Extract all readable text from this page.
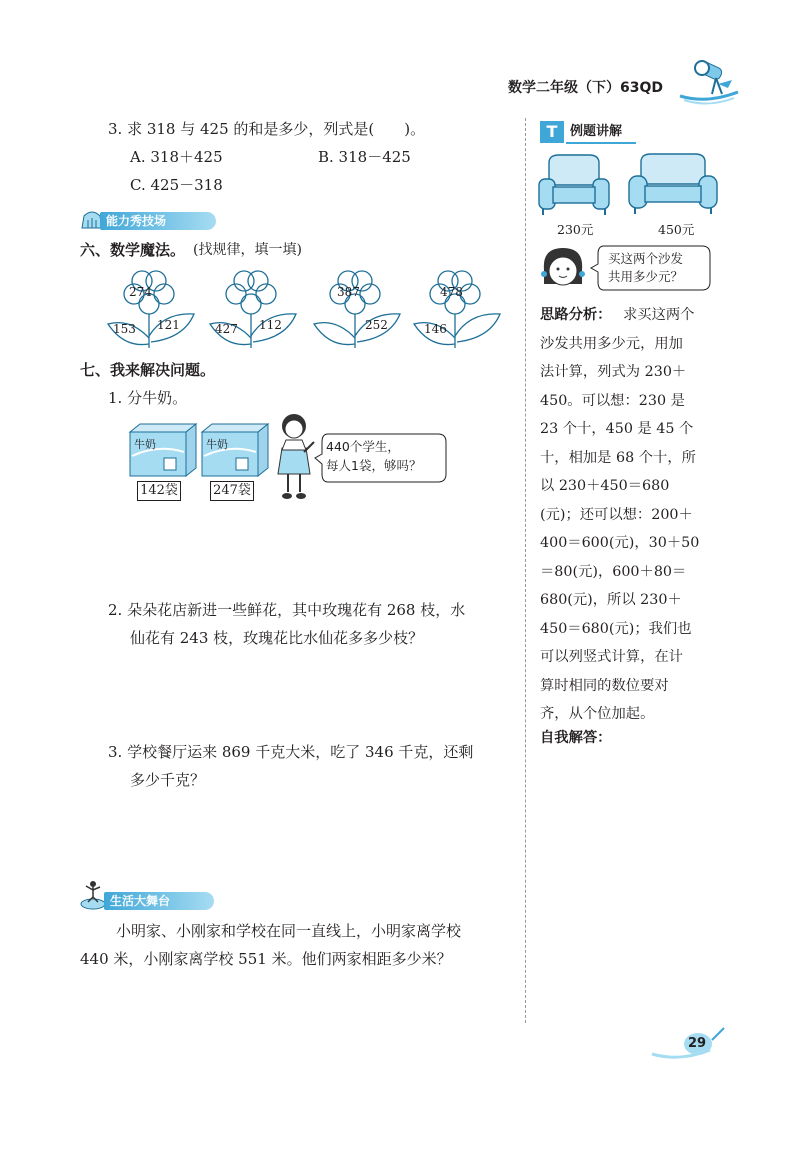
数学二年级（下）63QD
3. 求 318 与 425 的和是多少，列式是(　　)。
A. 318＋425	B. 318－425
C. 425－318
能力秀技场
六、数学魔法。 (找规律，填一填)
274
153 121	427 112
387
252
478
146
七、我来解决问题。
1. 分牛奶。
牛奶	牛奶
142袋	247袋
440个学生，
每人1袋，够吗？
2. 朵朵花店新进一些鲜花，其中玫瑰花有 268 枝，水
仙花有 243 枝，玫瑰花比水仙花多多少枝？
3. 学校餐厅运来 869 千克大米，吃了 346 千克，还剩
多少千克？
生活大舞台
小明家、小刚家和学校在同一直线上，小明家离学校
440 米，小刚家离学校 551 米。他们两家相距多少米？
T 例题讲解
230元	450元
买这两个沙发
共用多少元？
思路分析： 求买这两个
沙发共用多少元，用加
法计算，列式为 230＋
450。可以想：230 是
23 个十，450 是 45 个
十，相加是 68 个十，所
以 230＋450＝680
(元)；还可以想：200＋
400＝600(元)，30＋50
＝80(元)，600＋80＝
680(元)，所以 230＋
450＝680(元)；我们也
可以列竖式计算，在计
算时相同的数位要对
齐，从个位加起。
自我解答：
29
